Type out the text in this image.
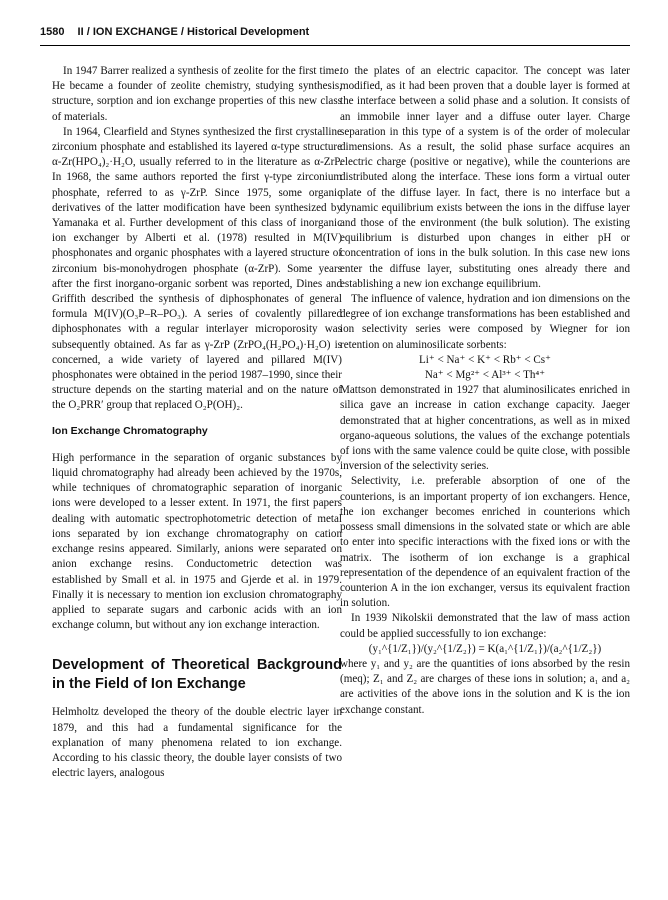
1580 II / ION EXCHANGE / Historical Development

In 1947 Barrer realized a synthesis of zeolite for the first time. He became a founder of zeolite chemistry, studying synthesis, structure, sorption and ion exchange properties of this new class of materials.

In 1964, Clearfield and Stynes synthesized the first crystalline zirconium phosphate and established its layered α-type structure α-Zr(HPO₄)₂·H₂O, usually referred to in the literature as α-ZrP. In 1968, the same authors reported the first γ-type zirconium phosphate, referred to as γ-ZrP. Since 1975, some organic derivatives of the latter modification have been synthesized by Yamanaka et al. Further development of this class of inorganic ion exchanger by Alberti et al. (1978) resulted in M(IV) phosphonates and organic phosphates with a layered structure of zirconium bis-monohydrogen phosphate (α-ZrP). Some years after the first inorgano-organic sorbent was reported, Dines and Griffith described the synthesis of diphosphonates of general formula M(IV)(O₃P–R–PO₃). A series of covalently pillared diphosphonates with a regular interlayer microporosity was subsequently obtained. As far as γ-ZrP (ZrPO₄(H₂PO₄)·H₂O) is concerned, a wide variety of layered and pillared M(IV) phosphonates were obtained in the period 1987–1990, since their structure depends on the starting material and on the nature of the O₂PRR′ group that replaced O₂P(OH)₂.

Ion Exchange Chromatography

High performance in the separation of organic substances by liquid chromatography had already been achieved by the 1970s, while techniques of chromatographic separation of inorganic ions were developed to a lesser extent. In 1971, the first papers dealing with automatic spectrophotometric detection of metal ions separated by ion exchange chromatography on cation exchange resins appeared. Similarly, anions were separated on anion exchange resins. Conductometric detection was established by Small et al. in 1975 and Gjerde et al. in 1979. Finally it is necessary to mention ion exclusion chromatography applied to separate sugars and carbonic acids with an ion exchange column, but without any ion exchange interaction.

Development of Theoretical Background in the Field of Ion Exchange

Helmholtz developed the theory of the double electric layer in 1879, and this had a fundamental significance for the explanation of many phenomena related to ion exchange. According to his classic theory, the double layer consists of two electric layers, analogous

to the plates of an electric capacitor. The concept was later modified, as it had been proven that a double layer is formed at the interface between a solid phase and a solution. It consists of an immobile inner layer and a diffuse outer layer. Charge separation in this type of a system is of the order of molecular dimensions. As a result, the solid phase surface acquires an electric charge (positive or negative), while the counterions are distributed along the interface. These ions form a virtual outer plate of the diffuse layer. In fact, there is no interface but a dynamic equilibrium exists between the ions in the diffuse layer and those of the environment (the bulk solution). The existing equilibrium is disturbed upon changes in either pH or concentration of ions in the bulk solution. In this case new ions enter the diffuse layer, substituting ones already there and establishing a new ion exchange equilibrium.

The influence of valence, hydration and ion dimensions on the degree of ion exchange transformations has been established and ion selectivity series were composed by Wiegner for ion retention on aluminosilicate sorbents:

Li⁺ < Na⁺ < K⁺ < Rb⁺ < Cs⁺

Na⁺ < Mg²⁺ < Al³⁺ < Th⁴⁺

Mattson demonstrated in 1927 that aluminosilicates enriched in silica gave an increase in cation exchange capacity. Jaeger demonstrated that at higher concentrations, as well as in mixed organo-aqueous solutions, the values of the exchange potentials of ions with the same valence could be quite close, with possible inversion of the selectivity series.

Selectivity, i.e. preferable absorption of one of the counterions, is an important property of ion exchangers. Hence, the ion exchanger becomes enriched in counterions which possess small dimensions in the solvated state or which are able to enter into specific interactions with the fixed ions or with the matrix. The isotherm of ion exchange is a graphical representation of the dependence of an equivalent fraction of the counterion A in the ion exchanger, versus its equivalent fraction in solution.

In 1939 Nikolskii demonstrated that the law of mass action could be applied successfully to ion exchange:

(y₁^{1/Z₁})/(y₂^{1/Z₂}) = K(a₁^{1/Z₁})/(a₂^{1/Z₂})

where y₁ and y₂ are the quantities of ions absorbed by the resin (meq); Z₁ and Z₂ are charges of these ions in solution; a₁ and a₂ are activities of the above ions in the solution and K is the ion exchange constant.
